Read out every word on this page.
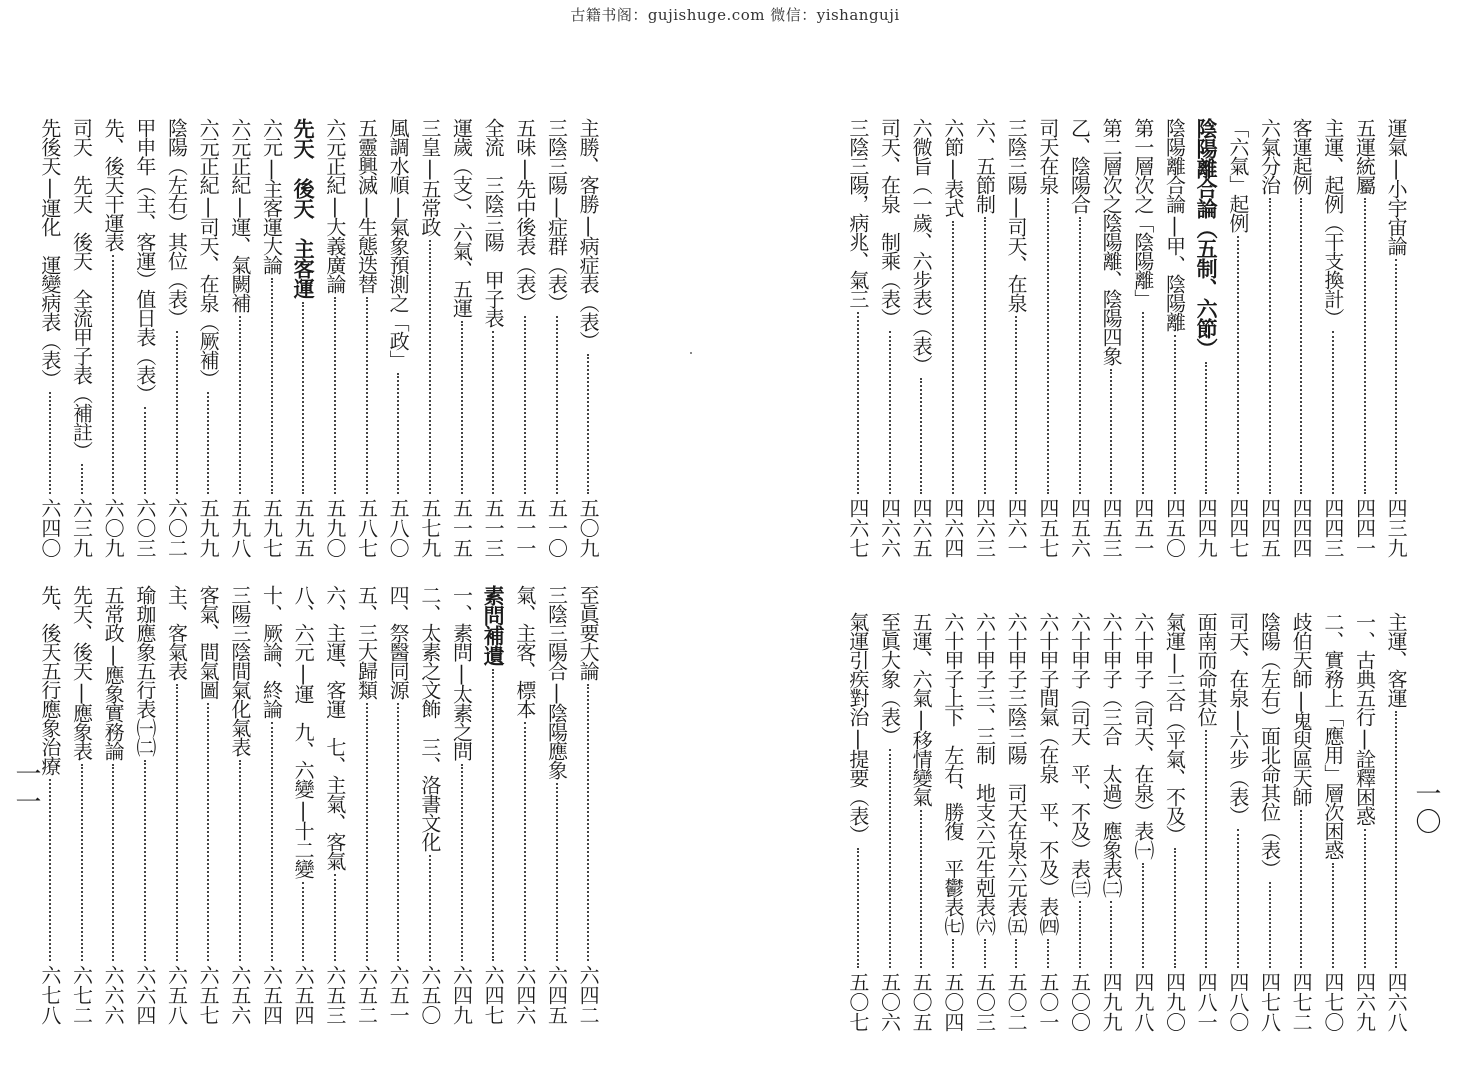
古籍书阁：gujishuge.com 微信：yishanguji
一〇
一一
運氣|小宇宙論
四三九
五運統屬
四四一
主運、起例（干支換計）
四四三
客運起例
四四四
六氣分治
四四五
「六氣」起例
四四七
陰陽離合論（五制、六節）
四四九
陰陽離合論|甲、陰陽離
四五〇
第一層次之「陰陽離」
四五一
第二層次之陰陽離、陰陽四象
四五三
乙、陰陽合
四五六
司天在泉
四五七
三陰三陽|司天、在泉
四六一
六、五節制
四六三
六節|表式
四六四
六微旨（一歲、六步表）（表）
四六五
司天、在泉　制乘（表）
四六六
三陰三陽，病兆、氣三
四六七
主運、客運
四六八
一、古典五行|詮釋困惑
四六九
二、實務上「應用」層次困惑
四七〇
歧伯天師|鬼臾區天師
四七二
陰陽（左右）面北命其位（表）
四七八
司天、在泉|六步（表）
四八〇
面南而命其位
四八一
氣運|三合（平氣、不及）
四九〇
六十甲子（司天、在泉）表㈠
四九八
六十甲子（三合　太過）應象表㈡
四九九
六十甲子（司天　平、不及）表㈢
五〇〇
六十甲子間氣（在泉　平、不及）表㈣
五〇一
六十甲子三陰三陽　司天在泉六元表㈤
五〇二
六十甲子三、三制　地支六元生剋表㈥
五〇三
六十甲子上下　左右、勝復　平鬱表㈦
五〇四
五運、六氣|移情變氣
五〇五
至眞大象（表）
五〇六
氣運引疾對治|提要（表）
五〇七
主勝、客勝|病症表（表）
五〇九
三陰三陽|症群（表）
五一〇
五味|先中後表（表）
五一一
全流　三陰三陽　甲子表
五一三
運歲（支）、六氣、五運
五一五
三皇|五常政
五七九
風調水順|氣象預測之「政」
五八〇
五靈興滅|生態迭替
五八七
六元正紀|大義廣論
五九〇
先天　後天　主客運
五九五
六元|主客運大論
五九七
六元正紀|運、氣闕補
五九八
六元正紀|司天、在泉（厥補）
五九九
陰陽（左右）其位（表）
六〇二
甲申年（主、客運）值日表（表）
六〇三
先、後天干運表
六〇九
司天　先天　後天　全流甲子表（補註）
六三九
先後天|運化　運變病表（表）
六四〇
至眞要大論
六四二
三陰三陽合|陰陽應象
六四五
氣、主客、標本
六四六
素問補遺
六四七
一、素問|太素之問
六四九
二、太素之文飾　三、洛書文化
六五〇
四、祭醫同源
六五一
五、三大歸類
六五二
六、主運、客運　七、主氣、客氣
六五三
八、六元|運　九、六變|十二變
六五四
十、厥論、終論
六五四
三陽三陰間氣化氣表
六五六
客氣、間氣圖
六五七
主、客氣表
六五八
瑜珈應象五行表㈠㈡
六六四
五常政|應象實務論
六六六
先天、後天|應象表
六七二
先、後天五行應象治療
六七八
